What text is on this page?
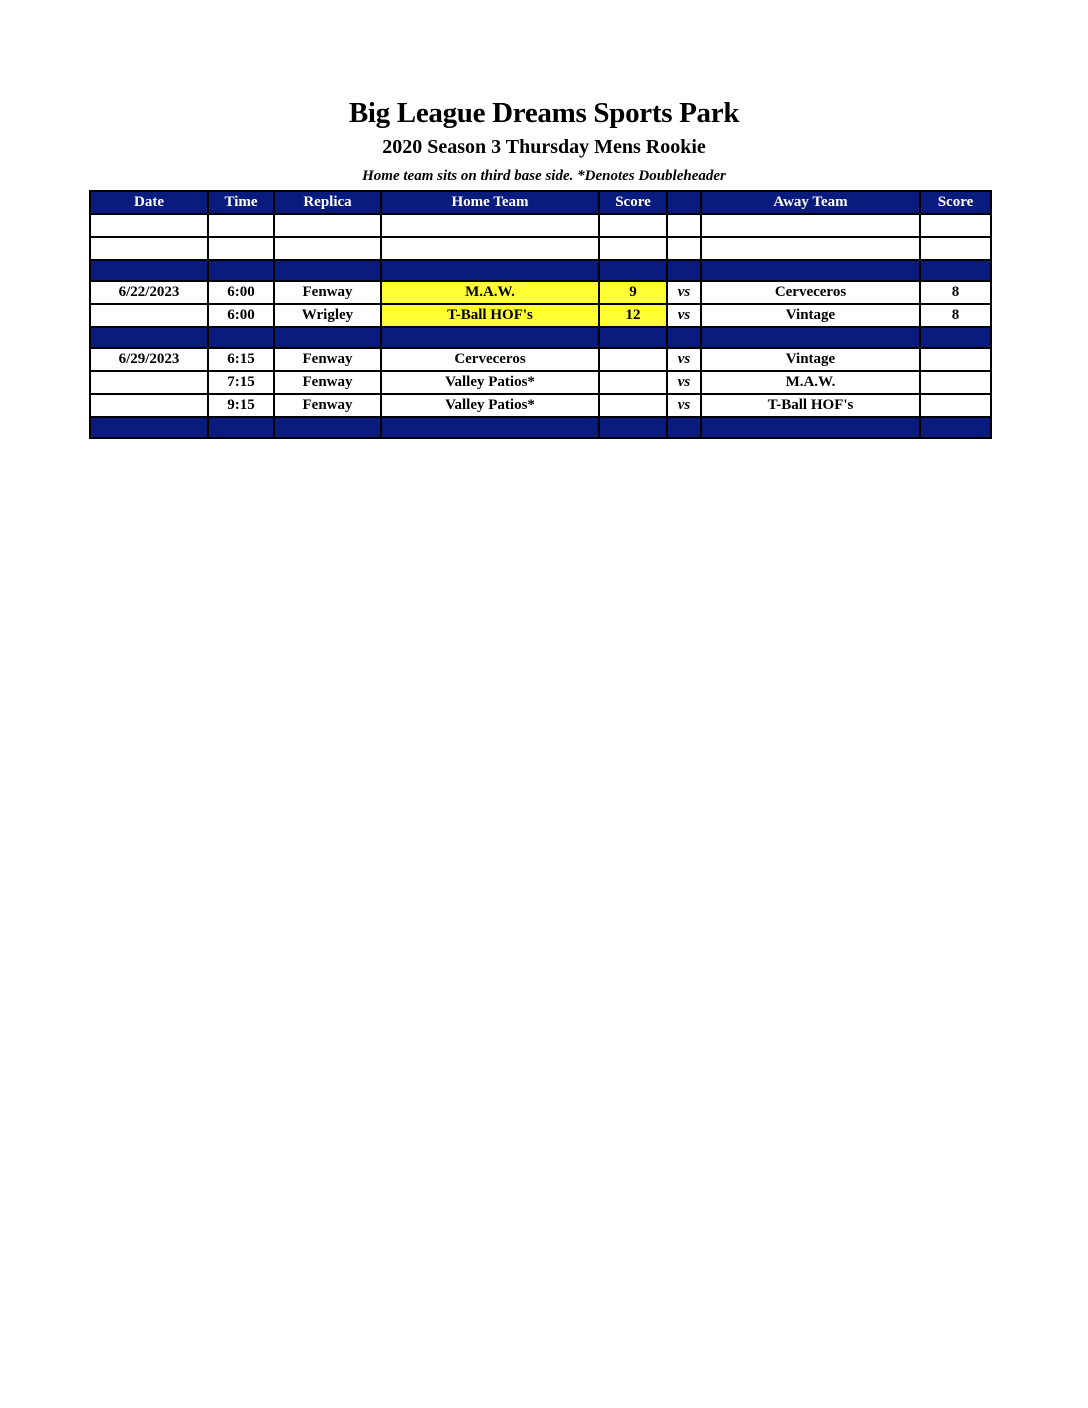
Big League Dreams Sports Park
2020 Season 3 Thursday Mens Rookie
Home team sits on third base side. *Denotes Doubleheader
Date	Time	Replica	Home Team	Score		Away Team	Score

6/22/2023	6:00	Fenway	M.A.W.	9	vs	Cerveceros	8
	6:00	Wrigley	T-Ball HOF's	12	vs	Vintage	8

6/29/2023	6:15	Fenway	Cerveceros		vs	Vintage	
	7:15	Fenway	Valley Patios*		vs	M.A.W.	
	9:15	Fenway	Valley Patios*		vs	T-Ball HOF's	
